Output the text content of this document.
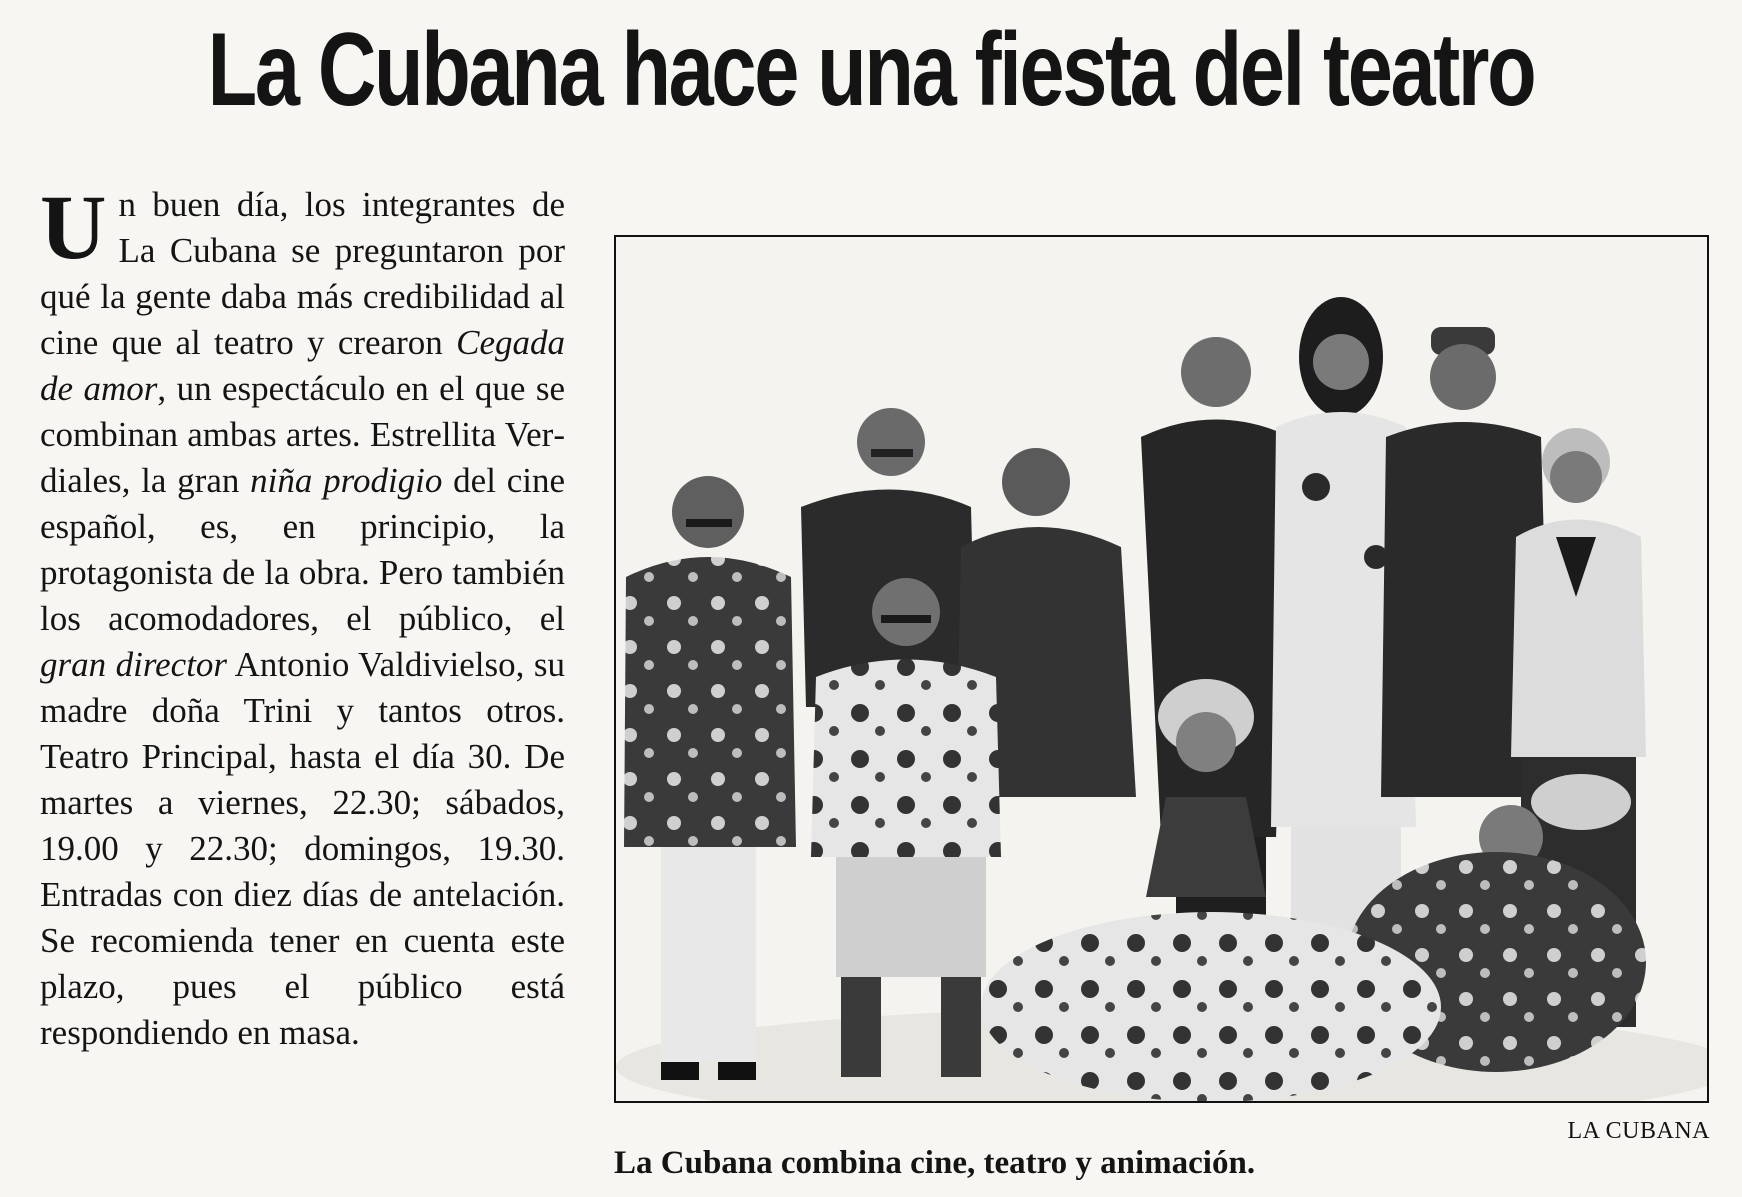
La Cubana hace una fiesta del teatro

Un buen día, los integrantes de La Cubana se preguntaron por qué la gente daba más credibilidad al cine que al teatro y crearon Cegada de amor, un espectáculo en el que se combinan ambas artes. Estrellita Verdiales, la gran niña prodigio del cine español, es, en principio, la protagonista de la obra. Pero también los acomodadores, el público, el gran director Antonio Valdivielso, su madre doña Trini y tantos otros. Teatro Principal, hasta el día 30. De martes a viernes, 22.30; sábados, 19.00 y 22.30; domingos, 19.30. Entradas con diez días de antelación. Se recomienda tener en cuenta este plazo, pues el público está respondiendo en masa.

LA CUBANA

La Cubana combina cine, teatro y animación.
